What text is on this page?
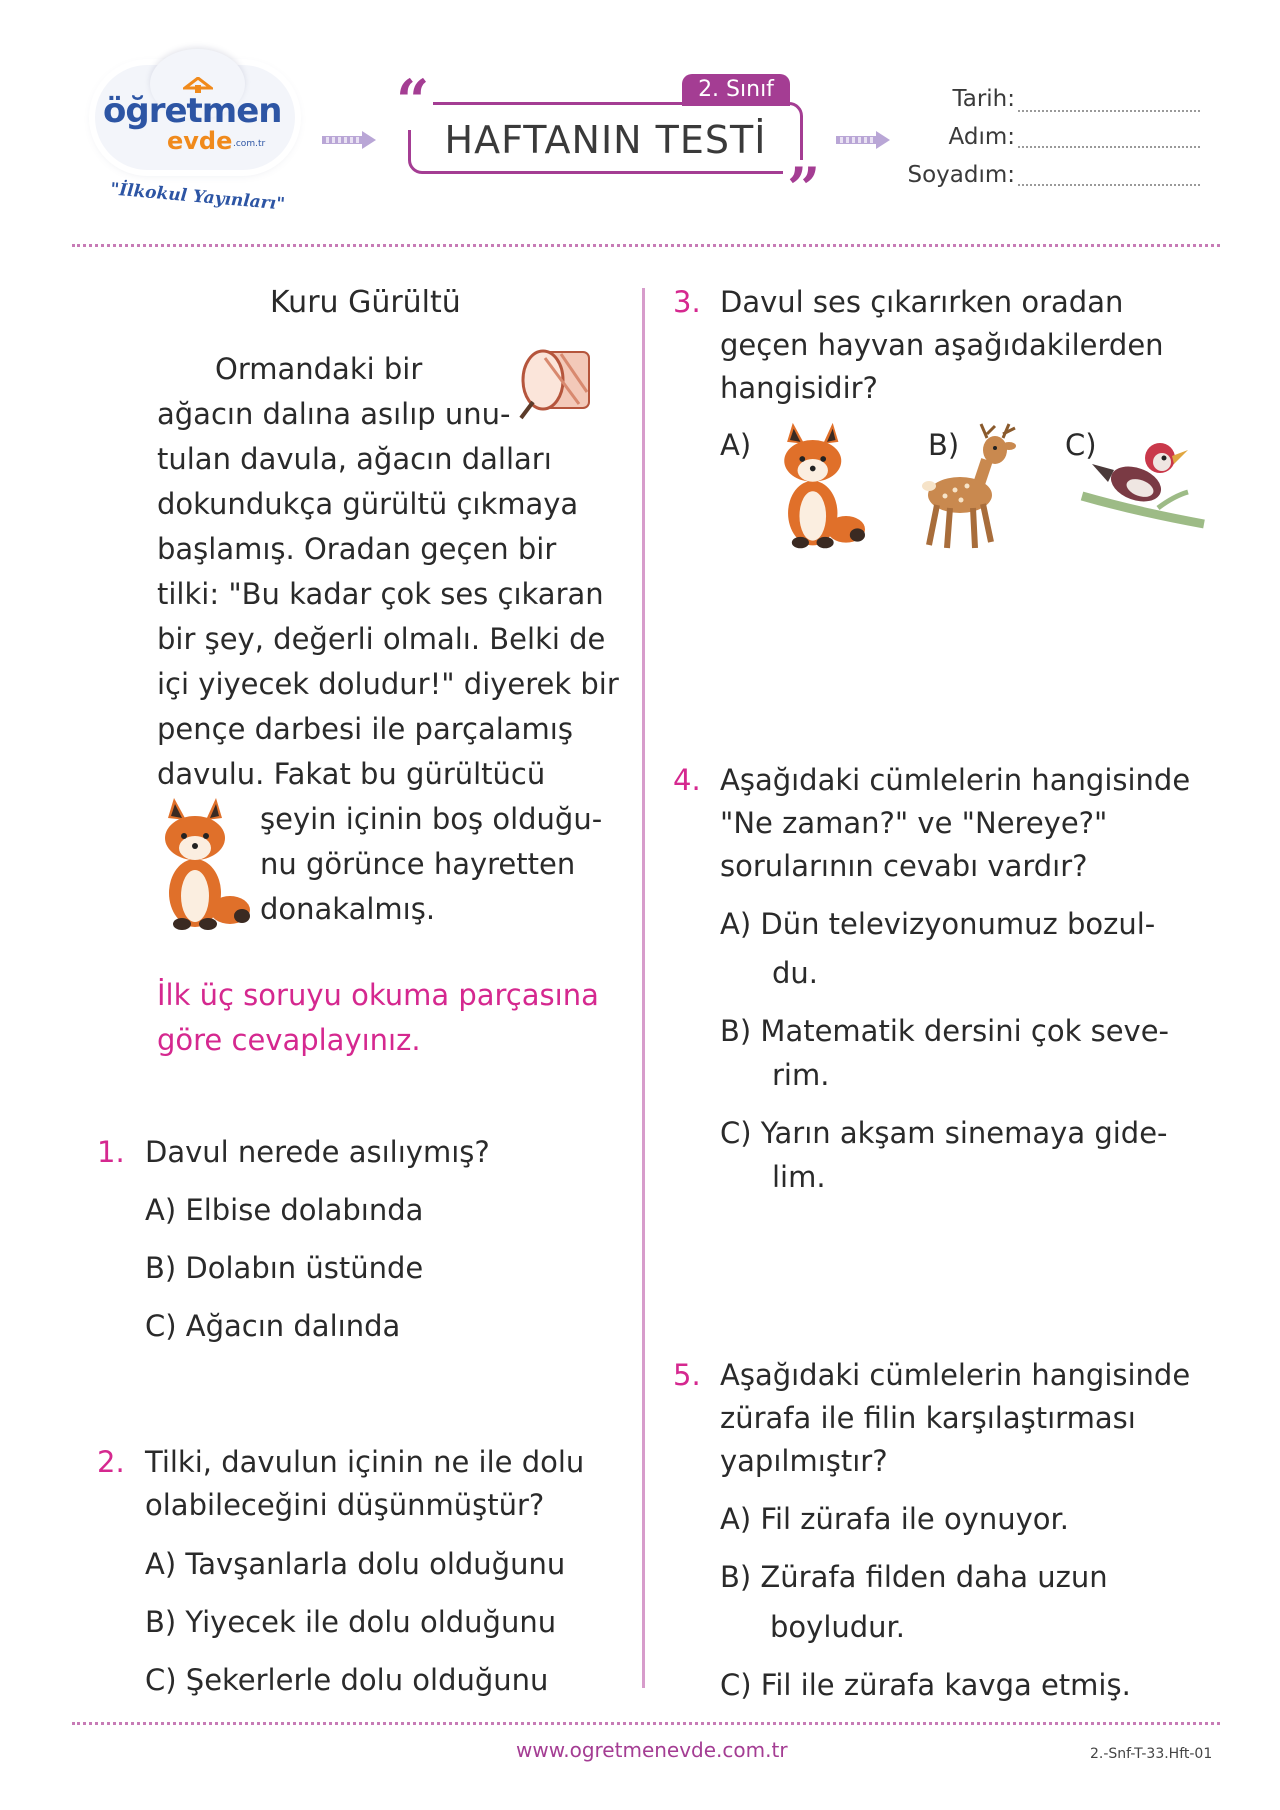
öğretmen
evde .com.tr
"İlkokul Yayınları"
“
”
2. Sınıf
HAFTANIN TESTİ
Tarih:
Adım:
Soyadım:
Kuru Gürültü
Ormandaki bir
ağacın dalına asılıp unu-
tulan davula, ağacın dalları
dokundukça gürültü çıkmaya
başlamış. Oradan geçen bir
tilki: "Bu kadar çok ses çıkaran
bir şey, değerli olmalı. Belki de
içi yiyecek doludur!" diyerek bir
pençe darbesi ile parçalamış
davulu. Fakat bu gürültücü
şeyin içinin boş olduğu-
nu görünce hayretten
donakalmış.
İlk üç soruyu okuma parçasına
göre cevaplayınız.
1. Davul nerede asılıymış?
A) Elbise dolabında
B) Dolabın üstünde
C) Ağacın dalında
2. Tilki, davulun içinin ne ile dolu
olabileceğini düşünmüştür?
A) Tavşanlarla dolu olduğunu
B) Yiyecek ile dolu olduğunu
C) Şekerlerle dolu olduğunu
3. Davul ses çıkarırken oradan
geçen hayvan aşağıdakilerden
hangisidir?
A)	B)	C)
4. Aşağıdaki cümlelerin hangisinde
"Ne zaman?" ve "Nereye?"
sorularının cevabı vardır?
A) Dün televizyonumuz bozul-
du.
B) Matematik dersini çok seve-
rim.
C) Yarın akşam sinemaya gide-
lim.
5. Aşağıdaki cümlelerin hangisinde
zürafa ile filin karşılaştırması
yapılmıştır?
A) Fil zürafa ile oynuyor.
B) Zürafa filden daha uzun
boyludur.
C) Fil ile zürafa kavga etmiş.
www.ogretmenevde.com.tr	2.-Snf-T-33.Hft-01
